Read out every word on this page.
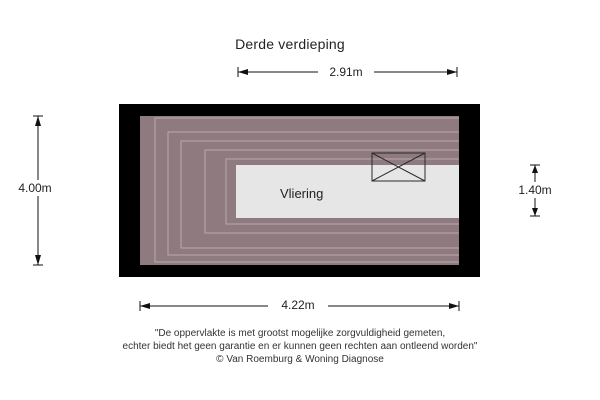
Derde verdieping
Vliering
2.91m
4.22m
4.00m	1.40m
"De oppervlakte is met grootst mogelijke zorgvuldigheid gemeten,
echter biedt het geen garantie en er kunnen geen rechten aan ontleend worden"
© Van Roemburg & Woning Diagnose
